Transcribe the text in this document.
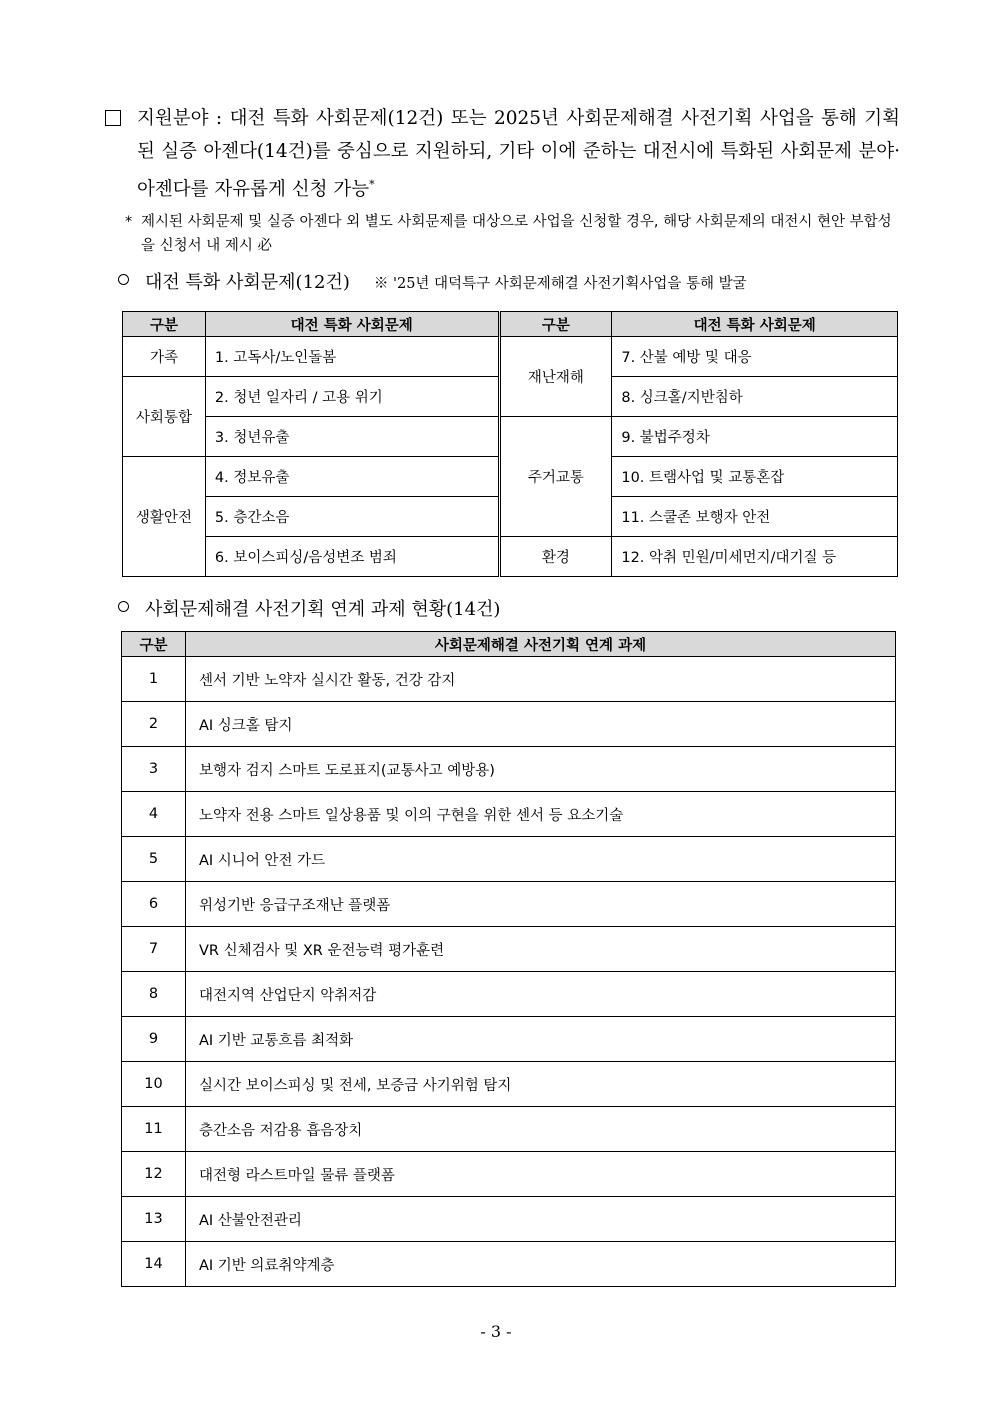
지원분야 : 대전 특화 사회문제(12건) 또는 2025년 사회문제해결 사전기획 사업을 통해 기획된 실증 아젠다(14건)를 중심으로 지원하되, 기타 이에 준하는 대전시에 특화된 사회문제 분야·아젠다를 자유롭게 신청 가능*
* 제시된 사회문제 및 실증 아젠다 외 별도 사회문제를 대상으로 사업을 신청할 경우, 해당 사회문제의 대전시 현안 부합성을 신청서 내 제시 必
대전 특화 사회문제(12건) ※ '25년 대덕특구 사회문제해결 사전기획사업을 통해 발굴
구분	대전 특화 사회문제	구분	대전 특화 사회문제
가족	1. 고독사/노인돌봄	재난재해	7. 산불 예방 및 대응
사회통합	2. 청년 일자리 / 고용 위기		8. 싱크홀/지반침하
	3. 청년유출	주거교통	9. 불법주정차
생활안전	4. 정보유출		10. 트램사업 및 교통혼잡
	5. 층간소음		11. 스쿨존 보행자 안전
	6. 보이스피싱/음성변조 범죄	환경	12. 악취 민원/미세먼지/대기질 등
사회문제해결 사전기획 연계 과제 현황(14건)
구분	사회문제해결 사전기획 연계 과제
1	센서 기반 노약자 실시간 활동, 건강 감지
2	AI 싱크홀 탐지
3	보행자 검지 스마트 도로표지(교통사고 예방용)
4	노약자 전용 스마트 일상용품 및 이의 구현을 위한 센서 등 요소기술
5	AI 시니어 안전 가드
6	위성기반 응급구조재난 플랫폼
7	VR 신체검사 및 XR 운전능력 평가훈련
8	대전지역 산업단지 악취저감
9	AI 기반 교통흐름 최적화
10	실시간 보이스피싱 및 전세, 보증금 사기위험 탐지
11	층간소음 저감용 흡음장치
12	대전형 라스트마일 물류 플랫폼
13	AI 산불안전관리
14	AI 기반 의료취약계층
- 3 -
